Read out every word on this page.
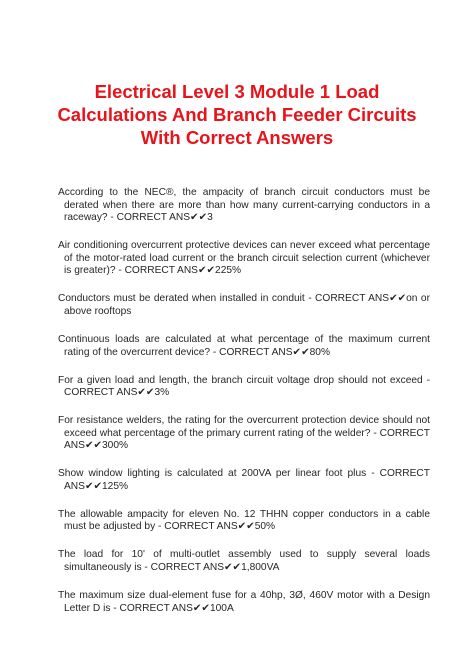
Electrical Level 3 Module 1 Load Calculations And Branch Feeder Circuits With Correct Answers
According to the NEC®, the ampacity of branch circuit conductors must be derated when there are more than how many current-carrying conductors in a raceway? - CORRECT ANS✔✔3
Air conditioning overcurrent protective devices can never exceed what percentage of the motor-rated load current or the branch circuit selection current (whichever is greater)? - CORRECT ANS✔✔225%
Conductors must be derated when installed in conduit - CORRECT ANS✔✔on or above rooftops
Continuous loads are calculated at what percentage of the maximum current rating of the overcurrent device? - CORRECT ANS✔✔80%
For a given load and length, the branch circuit voltage drop should not exceed - CORRECT ANS✔✔3%
For resistance welders, the rating for the overcurrent protection device should not exceed what percentage of the primary current rating of the welder? - CORRECT ANS✔✔300%
Show window lighting is calculated at 200VA per linear foot plus - CORRECT ANS✔✔125%
The allowable ampacity for eleven No. 12 THHN copper conductors in a cable must be adjusted by - CORRECT ANS✔✔50%
The load for 10' of multi-outlet assembly used to supply several loads simultaneously is - CORRECT ANS✔✔1,800VA
The maximum size dual-element fuse for a 40hp, 3Ø, 460V motor with a Design Letter D is - CORRECT ANS✔✔100A
